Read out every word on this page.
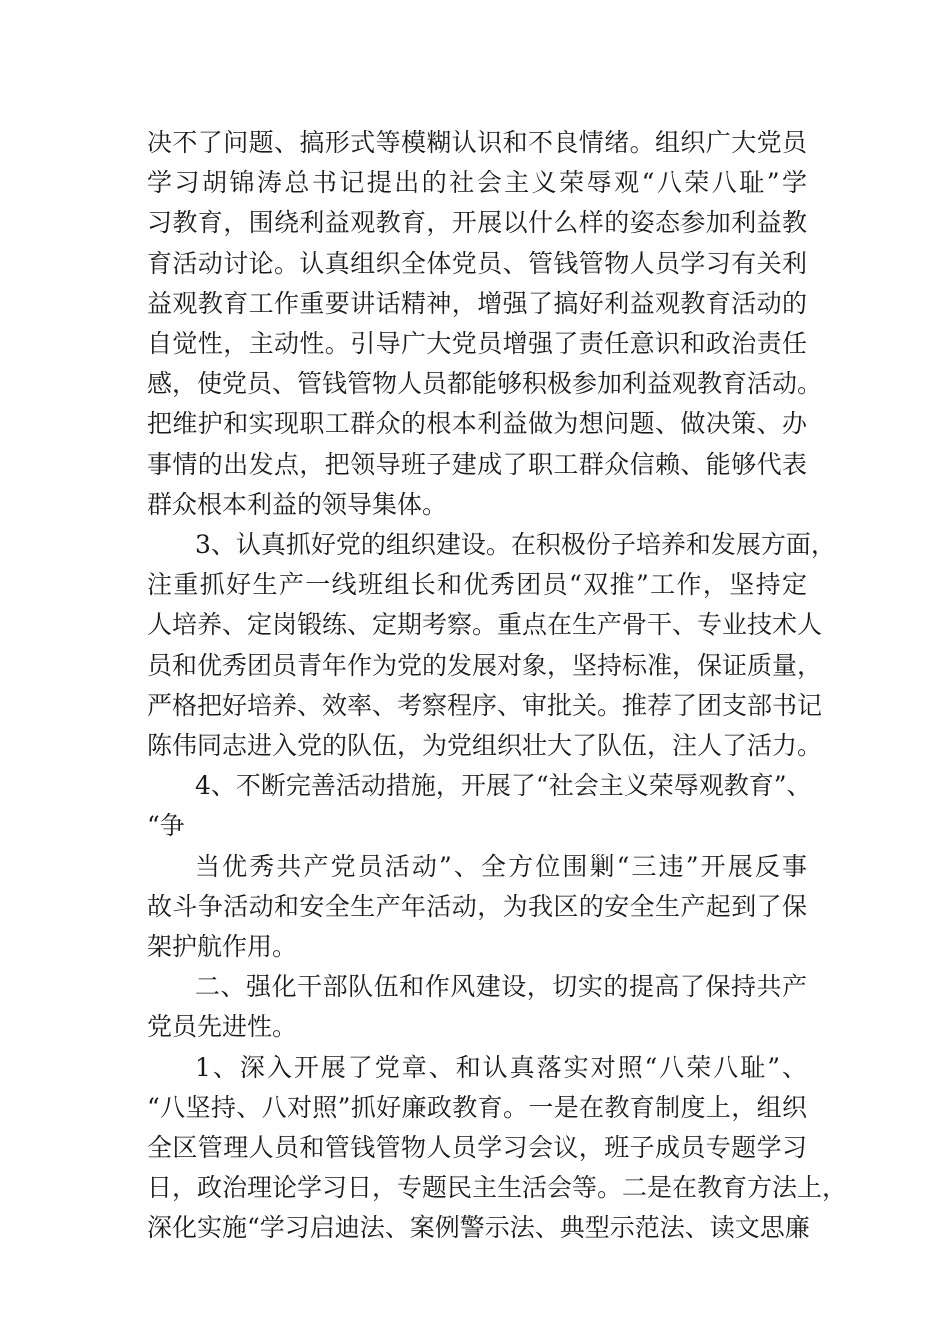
决不了问题、搞形式等模糊认识和不良情绪。组织广大党员
学习胡锦涛总书记提出的社会主义荣辱观“八荣八耻”学
习教育，围绕利益观教育，开展以什么样的姿态参加利益教
育活动讨论。认真组织全体党员、管钱管物人员学习有关利
益观教育工作重要讲话精神，增强了搞好利益观教育活动的
自觉性，主动性。引导广大党员增强了责任意识和政治责任
感，使党员、管钱管物人员都能够积极参加利益观教育活动。
把维护和实现职工群众的根本利益做为想问题、做决策、办
事情的出发点，把领导班子建成了职工群众信赖、能够代表
群众根本利益的领导集体。
3、认真抓好党的组织建设。在积极份子培养和发展方面，
注重抓好生产一线班组长和优秀团员“双推”工作，坚持定
人培养、定岗锻练、定期考察。重点在生产骨干、专业技术人
员和优秀团员青年作为党的发展对象，坚持标准，保证质量，
严格把好培养、效率、考察程序、审批关。推荐了团支部书记
陈伟同志进入党的队伍，为党组织壮大了队伍，注人了活力。
4、不断完善活动措施，开展了“社会主义荣辱观教育”、
“争
当优秀共产党员活动”、全方位围剿“三违”开展反事
故斗争活动和安全生产年活动，为我区的安全生产起到了保
架护航作用。
二、强化干部队伍和作风建设，切实的提高了保持共产
党员先进性。
1、深入开展了党章、和认真落实对照“八荣八耻”、
“八坚持、八对照”抓好廉政教育。一是在教育制度上，组织
全区管理人员和管钱管物人员学习会议，班子成员专题学习
日，政治理论学习日，专题民主生活会等。二是在教育方法上，
深化实施“学习启迪法、案例警示法、典型示范法、读文思廉
